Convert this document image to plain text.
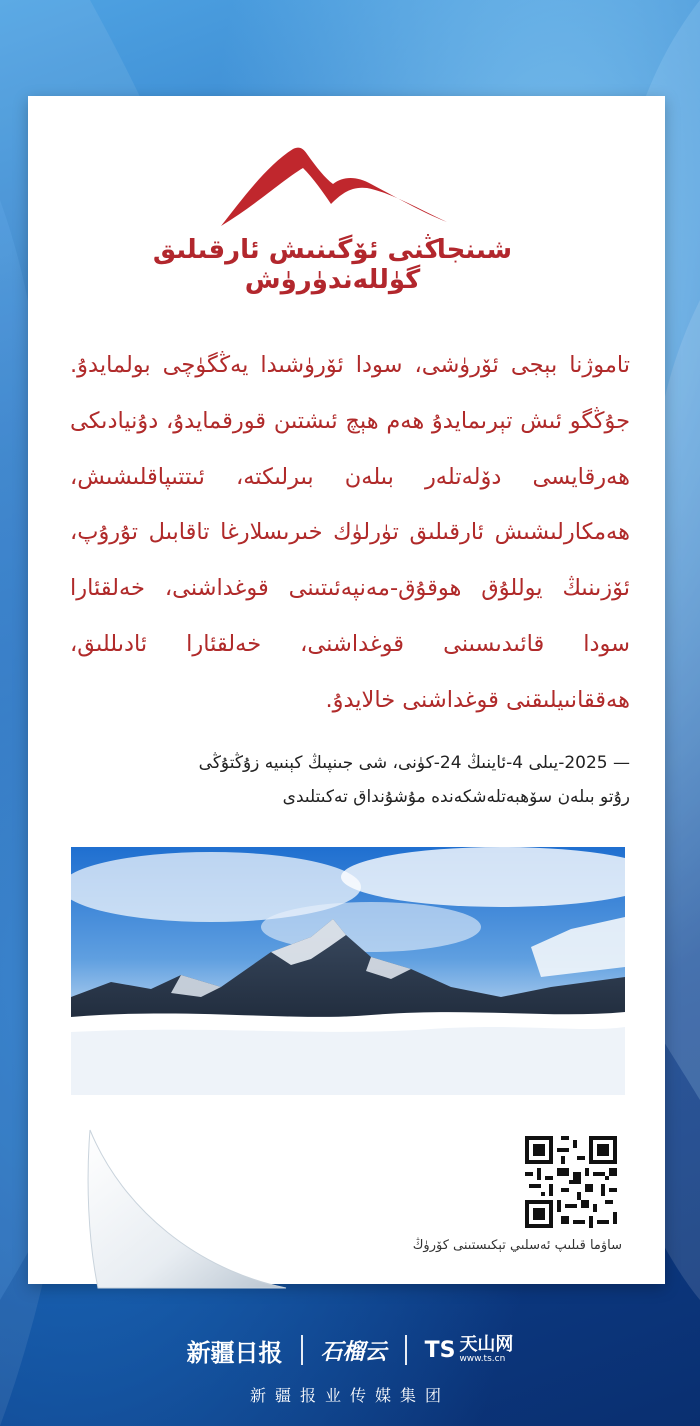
شىنجاڭنى ئۆگىنىش ئارقىلىق گۈللەندۈرۈش
تاموژنا بېجى ئۆرۈشى، سودا ئۆرۈشىدا يەڭگۈچى بولمايدۇ. جۇڭگو ئىش تېرىمايدۇ ھەم ھېچ ئىشتىن قورقمايدۇ، دۇنيادىكى ھەرقايسى دۆلەتلەر بىلەن بىرلىكتە، ئىتتىپاقلىشىش، ھەمكارلىشىش ئارقىلىق تۈرلۈك خىرىسلارغا تاقابىل تۇرۇپ، ئۆزىنىڭ يوللۇق ھوقۇق-مەنپەئىتىنى قوغداشنى، خەلقئارا سودا قائىدىسىنى قوغداشنى، خەلقئارا ئادىللىق، ھەققانىيلىقنى قوغداشنى خالايدۇ.
— 2025-يىلى 4-ئاينىڭ 24-كۈنى، شى جىنپىڭ كېنىيە زۇڭتۇڭى
رۇتو بىلەن سۆھبەتلەشكەندە مۇشۇنداق تەكىتلىدى
ساۋما قىلىپ ئەسلىي تېكىستىنى كۆرۈڭ
新疆日报 石榴云 TS 天山网
www.ts.cn
新疆报业传媒集团
